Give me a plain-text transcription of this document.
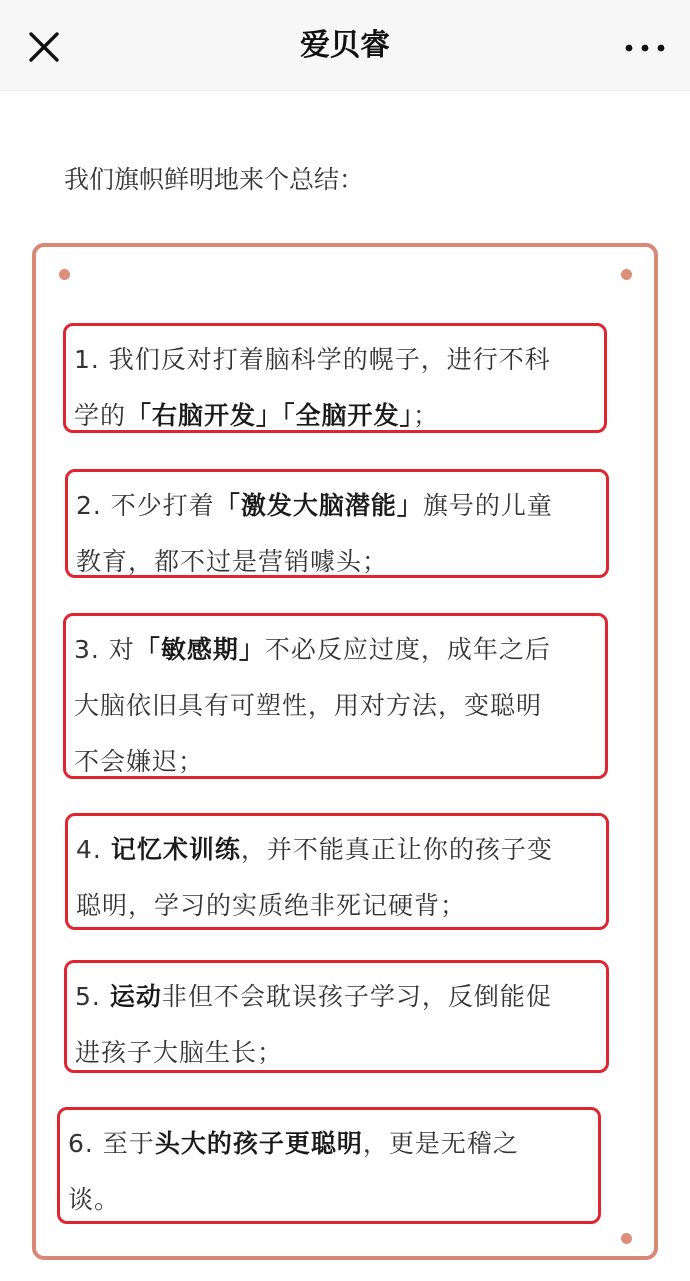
爱贝睿
我们旗帜鲜明地来个总结：
1. 我们反对打着脑科学的幌子，进行不科
学的「右脑开发」「全脑开发」；
2. 不少打着「激发大脑潜能」旗号的儿童
教育，都不过是营销噱头；
3. 对「敏感期」不必反应过度，成年之后
大脑依旧具有可塑性，用对方法，变聪明
不会嫌迟；
4. 记忆术训练，并不能真正让你的孩子变
聪明，学习的实质绝非死记硬背；
5. 运动非但不会耽误孩子学习，反倒能促
进孩子大脑生长；
6. 至于头大的孩子更聪明，更是无稽之
谈。
